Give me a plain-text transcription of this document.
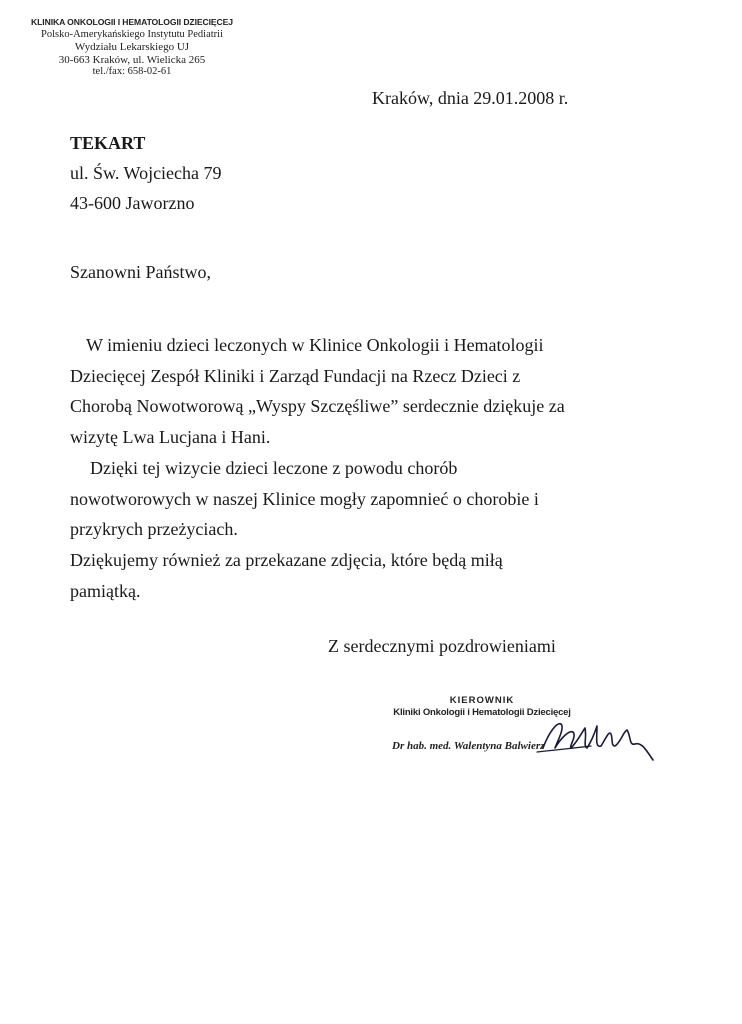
KLINIKA ONKOLOGII I HEMATOLOGII DZIECIĘCEJ
Polsko-Amerykańskiego Instytutu Pediatrii
Wydziału Lekarskiego UJ
30-663 Kraków, ul. Wielicka 265
tel./fax: 658-02-61
Kraków, dnia 29.01.2008 r.
TEKART
ul. Św. Wojciecha 79
43-600 Jaworzno
Szanowni Państwo,
W imieniu dzieci leczonych w Klinice Onkologii i Hematologii
Dziecięcej Zespół Kliniki i Zarząd Fundacji na Rzecz Dzieci z
Chorobą Nowotworową „Wyspy Szczęśliwe” serdecznie dziękuje za
wizytę Lwa Lucjana i Hani.
Dzięki tej wizycie dzieci leczone z powodu chorób
nowotworowych w naszej Klinice mogły zapomnieć o chorobie i
przykrych przeżyciach.
Dziękujemy również za przekazane zdjęcia, które będą miłą
pamiątką.
Z serdecznymi pozdrowieniami
KIEROWNIK
Kliniki Onkologii i Hematologii Dziecięcej
Dr hab. med. Walentyna Balwierz
